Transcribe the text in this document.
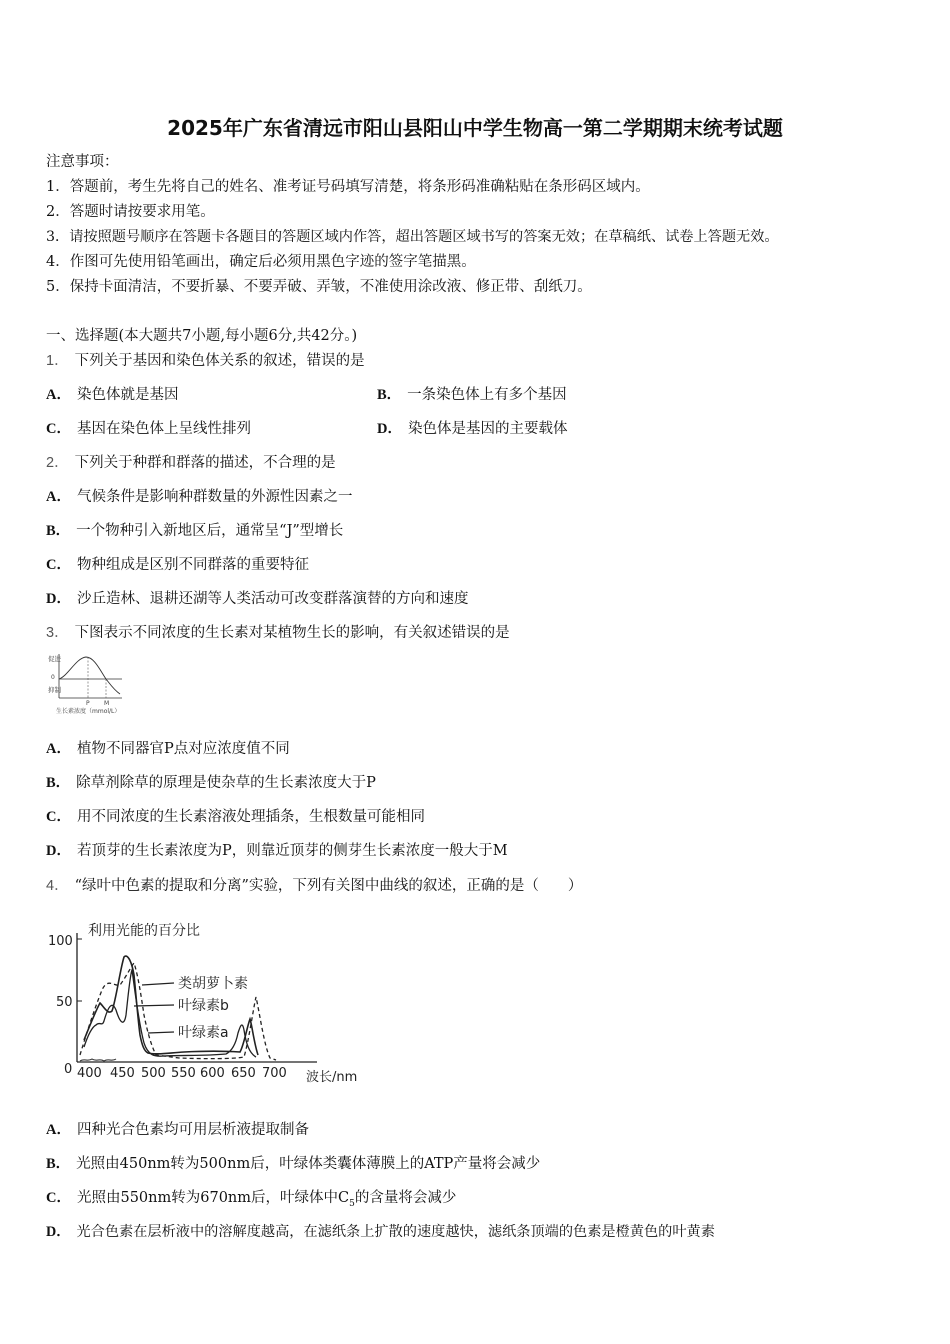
2025年广东省清远市阳山县阳山中学生物高一第二学期期末统考试题
注意事项：
1．答题前，考生先将自己的姓名、准考证号码填写清楚，将条形码准确粘贴在条形码区域内。
2．答题时请按要求用笔。
3．请按照题号顺序在答题卡各题目的答题区域内作答，超出答题区域书写的答案无效；在草稿纸、试卷上答题无效。
4．作图可先使用铅笔画出，确定后必须用黑色字迹的签字笔描黑。
5．保持卡面清洁，不要折暴、不要弄破、弄皱，不准使用涂改液、修正带、刮纸刀。
一、选择题(本大题共7小题,每小题6分,共42分。)
1． 下列关于基因和染色体关系的叙述，错误的是
A． 染色体就是基因	B． 一条染色体上有多个基因
C． 基因在染色体上呈线性排列	D． 染色体是基因的主要载体
2． 下列关于种群和群落的描述，不合理的是
A． 气候条件是影响种群数量的外源性因素之一
B． 一个物种引入新地区后，通常呈“J”型增长
C． 物种组成是区别不同群落的重要特征
D． 沙丘造林、退耕还湖等人类活动可改变群落演替的方向和速度
3． 下图表示不同浓度的生长素对某植物生长的影响，有关叙述错误的是
促进
0
抑制
P M
生长素浓度（mmol/L）
A． 植物不同器官P点对应浓度值不同
B． 除草剂除草的原理是使杂草的生长素浓度大于P
C． 用不同浓度的生长素溶液处理插条，生根数量可能相同
D． 若顶芽的生长素浓度为P，则靠近顶芽的侧芽生长素浓度一般大于M
4． “绿叶中色素的提取和分离”实验，下列有关图中曲线的叙述，正确的是（　　）
利用光能的百分比
100
50
0 400 450 500 550 600 650 700 波长/nm
类胡萝卜素
叶绿素b
叶绿素a
A． 四种光合色素均可用层析液提取制备
B． 光照由450nm转为500nm后，叶绿体类囊体薄膜上的ATP产量将会减少
C． 光照由550nm转为670nm后，叶绿体中$C_5$的含量将会减少
D． 光合色素在层析液中的溶解度越高，在滤纸条上扩散的速度越快，滤纸条顶端的色素是橙黄色的叶黄素
